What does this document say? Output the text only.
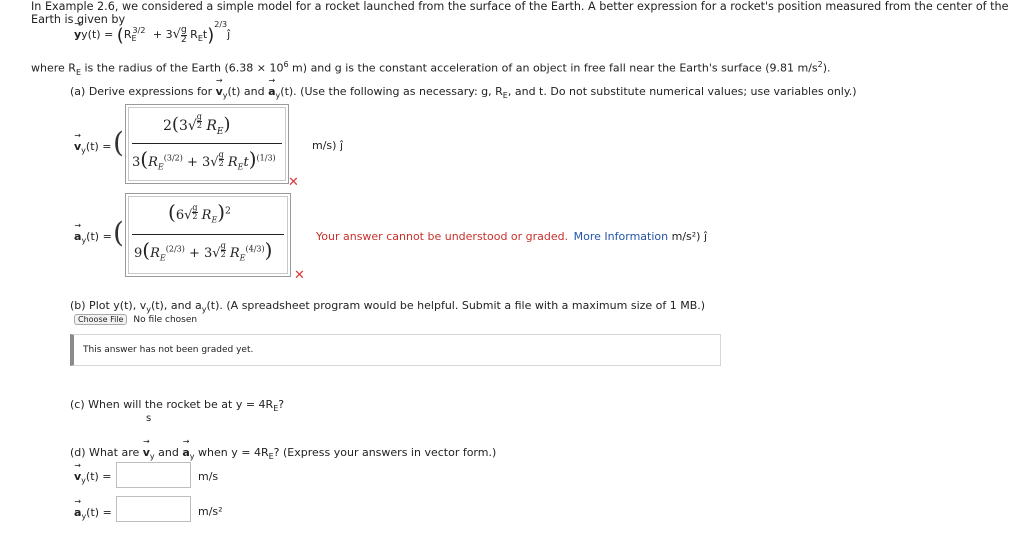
In Example 2.6, we considered a simple model for a rocket launched from the surface of the Earth. A better expression for a rocket's position measured from the center of the Earth is given by
→ $yy(t) = (R_E^{3/2} + 3√ \frac{g}{2}$ $R_Et)^{2/3}ĵ$
where $R_E$ is the radius of the Earth ($6.38 \times 10^6$ m) and g is the constant acceleration of an object in free fall near the Earth's surface (9.81 $m/s^2$).
(a) Derive expressions for → $v_y(t)$ and → $a_y(t)$. (Use the following as necessary: g, $R_E$, and t. Do not substitute numerical values; use variables only.)
→ $v_y(t)$ = (	2(3√
g
2 $R_E$)
$3(R_E^{(3/2)} + 3√$
g
2 $R_Et)^{(1/3)}$
m/s) ĵ
✕
→ $a_y(t)$ = (
(6√
g
2 $R_E)^2$
$9(R_E^{(2/3)} + 3√$
g
2 $R_E^{(4/3)}$)
Your answer cannot be understood or graded. More Information m/s²) ĵ
✕
(b) Plot y(t), $v_y(t)$, and $a_y(t)$. (A spreadsheet program would be helpful. Submit a file with a maximum size of 1 MB.)
Choose File No file chosen
This answer has not been graded yet.
(c) When will the rocket be at $y = 4R_E$?
s
(d) What are → $v_y$ and → $a_y$ when $y = 4R_E$? (Express your answers in vector form.)
→ $v_y(t)$ =	m/s
→ $a_y(t)$ =	m/s²
